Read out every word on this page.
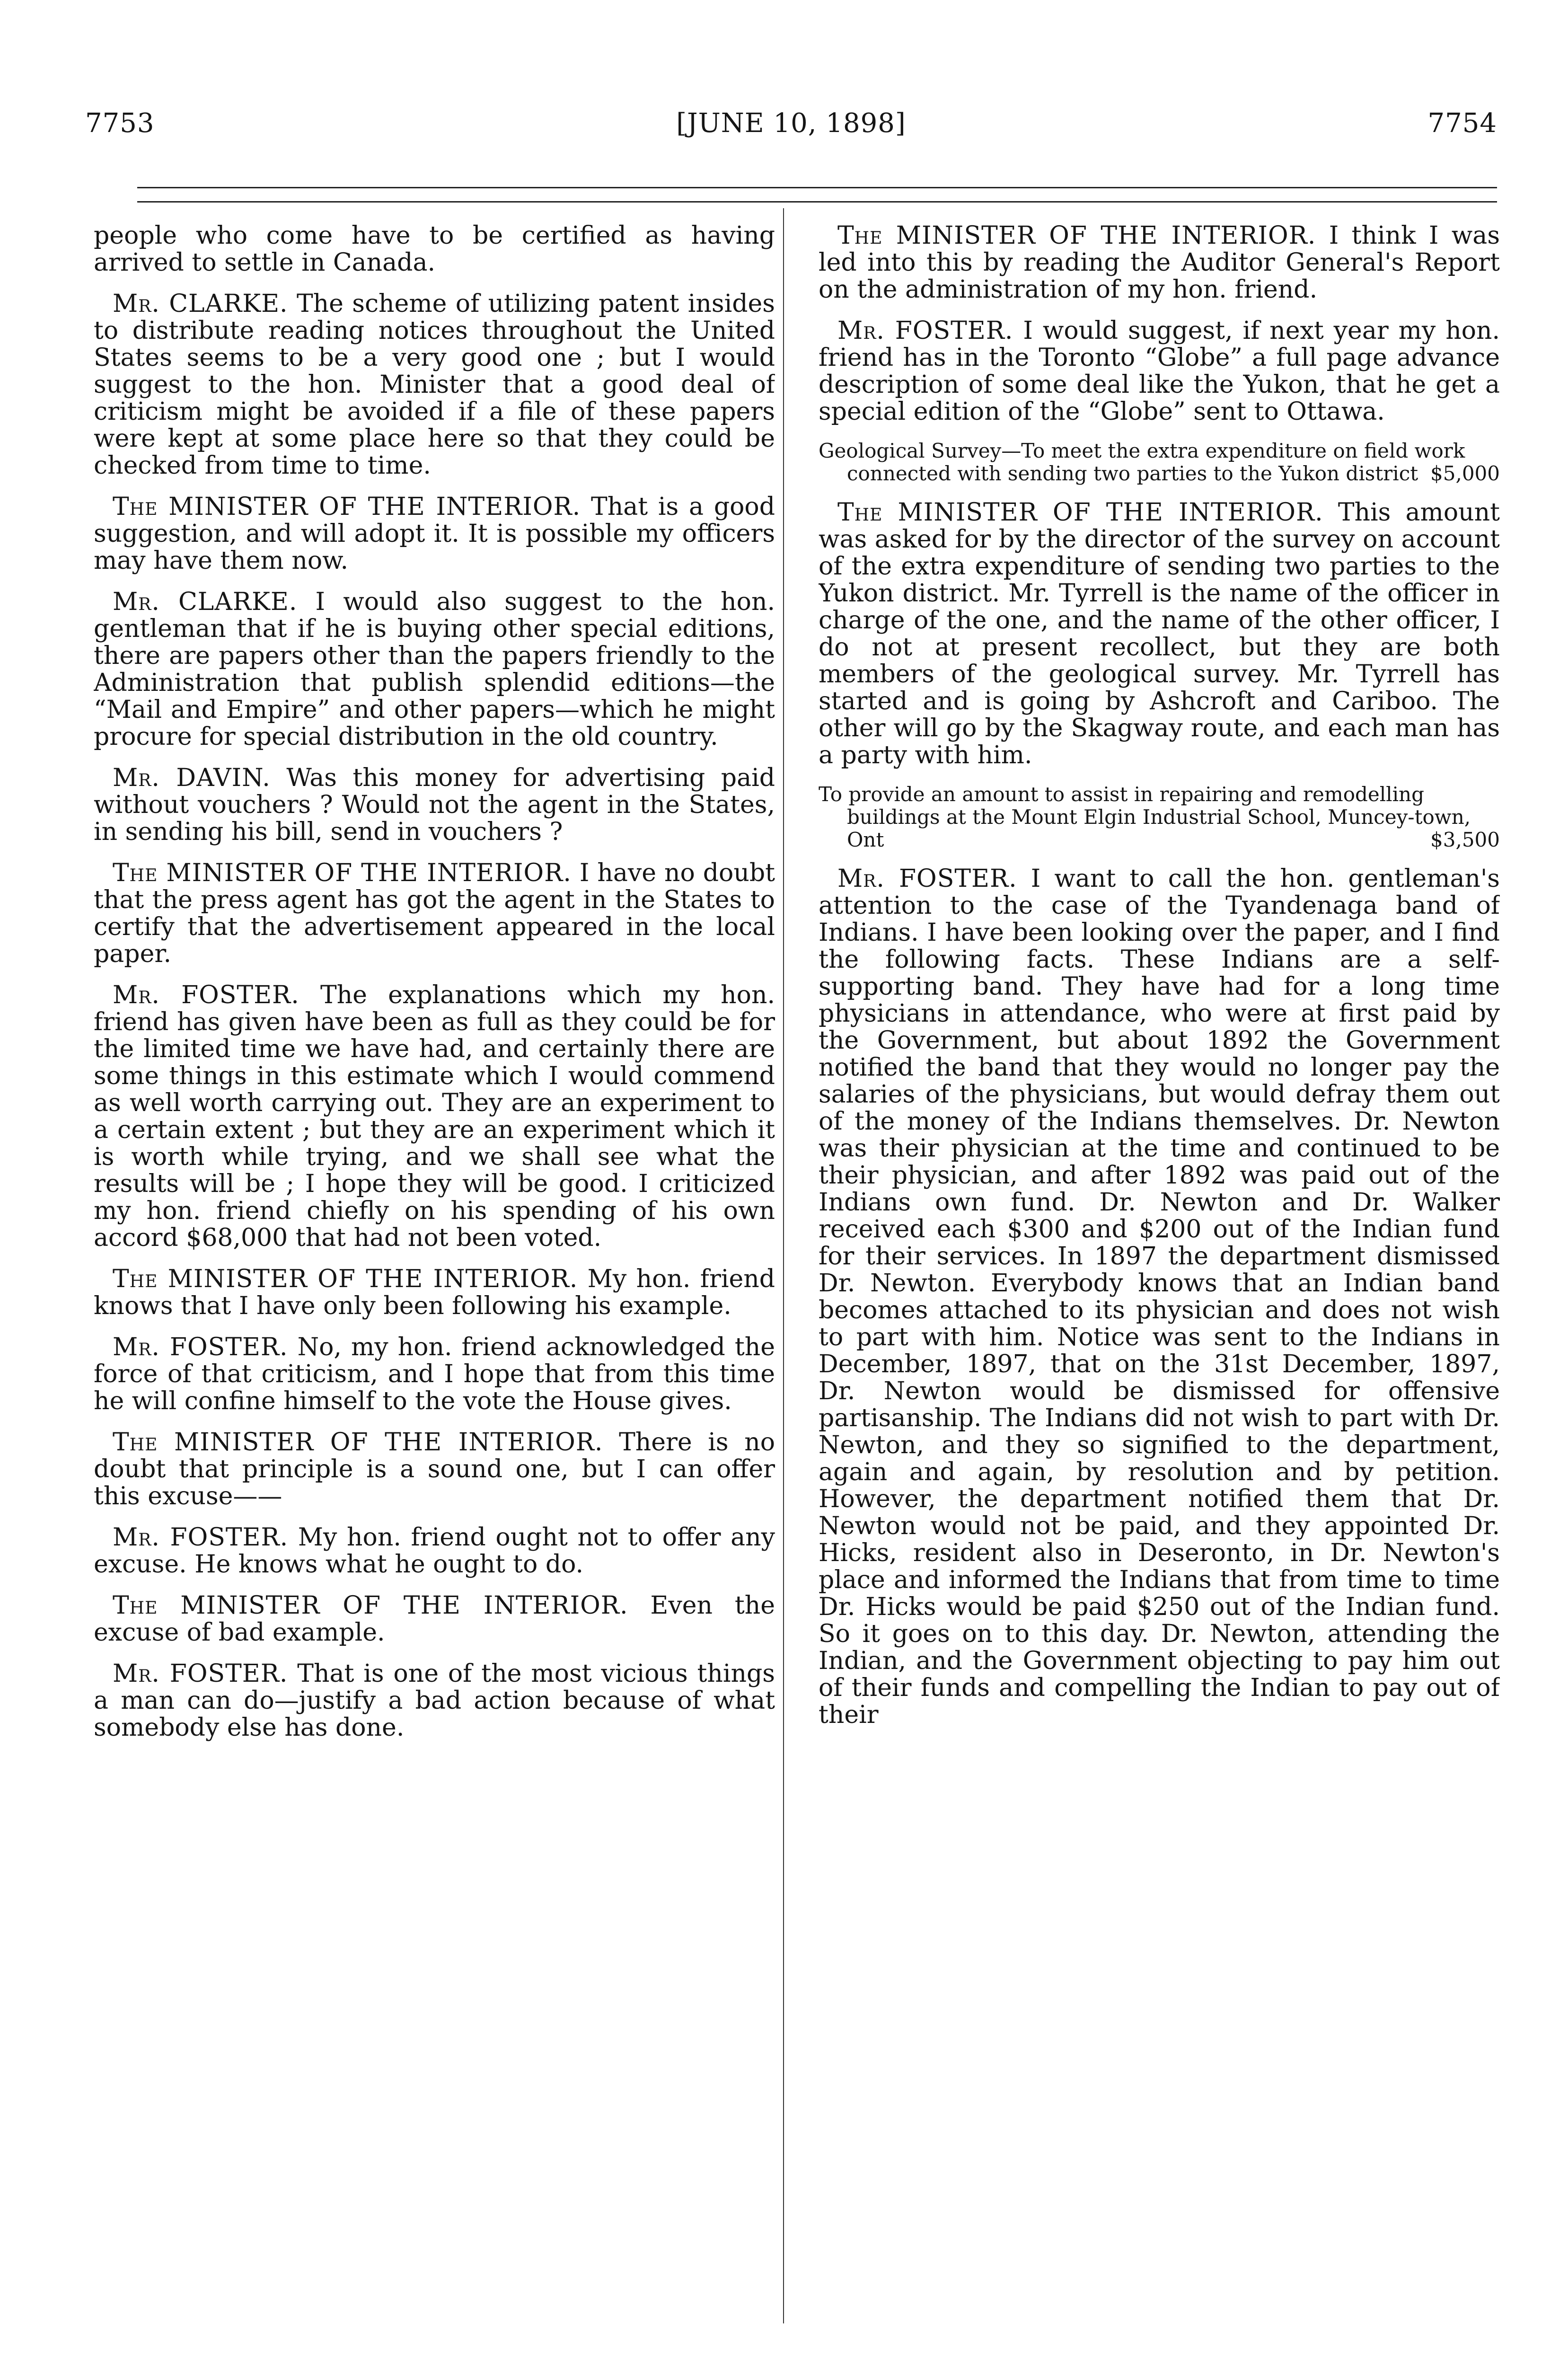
7753	[JUNE 10, 1898]	7754

people who come have to be certified as having arrived to settle in Canada.

Mr. CLARKE. The scheme of utilizing patent insides to distribute reading notices throughout the United States seems to be a very good one ; but I would suggest to the hon. Minister that a good deal of criticism might be avoided if a file of these papers were kept at some place here so that they could be checked from time to time.

The MINISTER OF THE INTERIOR. That is a good suggestion, and will adopt it. It is possible my officers may have them now.

Mr. CLARKE. I would also suggest to the hon. gentleman that if he is buying other special editions, there are papers other than the papers friendly to the Administration that publish splendid editions—the “Mail and Empire” and other papers—which he might procure for special distribution in the old country.

Mr. DAVIN. Was this money for advertising paid without vouchers ? Would not the agent in the States, in sending his bill, send in vouchers ?

The MINISTER OF THE INTERIOR. I have no doubt that the press agent has got the agent in the States to certify that the advertisement appeared in the local paper.

Mr. FOSTER. The explanations which my hon. friend has given have been as full as they could be for the limited time we have had, and certainly there are some things in this estimate which I would commend as well worth carrying out. They are an experiment to a certain extent ; but they are an experiment which it is worth while trying, and we shall see what the results will be ; I hope they will be good. I criticized my hon. friend chiefly on his spending of his own accord $68,000 that had not been voted.

The MINISTER OF THE INTERIOR. My hon. friend knows that I have only been following his example.

Mr. FOSTER. No, my hon. friend acknowledged the force of that criticism, and I hope that from this time he will confine himself to the vote the House gives.

The MINISTER OF THE INTERIOR. There is no doubt that principle is a sound one, but I can offer this excuse——

Mr. FOSTER. My hon. friend ought not to offer any excuse. He knows what he ought to do.

The MINISTER OF THE INTERIOR. Even the excuse of bad example.

Mr. FOSTER. That is one of the most vicious things a man can do—justify a bad action because of what somebody else has done.

The MINISTER OF THE INTERIOR. I think I was led into this by reading the Auditor General's Report on the administration of my hon. friend.

Mr. FOSTER. I would suggest, if next year my hon. friend has in the Toronto “Globe” a full page advance description of some deal like the Yukon, that he get a special edition of the “Globe” sent to Ottawa.

Geological Survey—To meet the extra expenditure on field work connected with sending two parties to the Yukon district $5,000

The MINISTER OF THE INTERIOR. This amount was asked for by the director of the survey on account of the extra expenditure of sending two parties to the Yukon district. Mr. Tyrrell is the name of the officer in charge of the one, and the name of the other officer, I do not at present recollect, but they are both members of the geological survey. Mr. Tyrrell has started and is going by Ashcroft and Cariboo. The other will go by the Skagway route, and each man has a party with him.

To provide an amount to assist in repairing and remodelling buildings at the Mount Elgin Industrial School, Muncey-town, Ont	$3,500

Mr. FOSTER. I want to call the hon. gentleman's attention to the case of the Tyandenaga band of Indians. I have been looking over the paper, and I find the following facts. These Indians are a self-supporting band. They have had for a long time physicians in attendance, who were at first paid by the Government, but about 1892 the Government notified the band that they would no longer pay the salaries of the physicians, but would defray them out of the money of the Indians themselves. Dr. Newton was their physician at the time and continued to be their physician, and after 1892 was paid out of the Indians own fund. Dr. Newton and Dr. Walker received each $300 and $200 out of the Indian fund for their services. In 1897 the department dismissed Dr. Newton. Everybody knows that an Indian band becomes attached to its physician and does not wish to part with him. Notice was sent to the Indians in December, 1897, that on the 31st December, 1897, Dr. Newton would be dismissed for offensive partisanship. The Indians did not wish to part with Dr. Newton, and they so signified to the department, again and again, by resolution and by petition. However, the department notified them that Dr. Newton would not be paid, and they appointed Dr. Hicks, resident also in Deseronto, in Dr. Newton's place and informed the Indians that from time to time Dr. Hicks would be paid $250 out of the Indian fund. So it goes on to this day. Dr. Newton, attending the Indian, and the Government objecting to pay him out of their funds and compelling the Indian to pay out of their
